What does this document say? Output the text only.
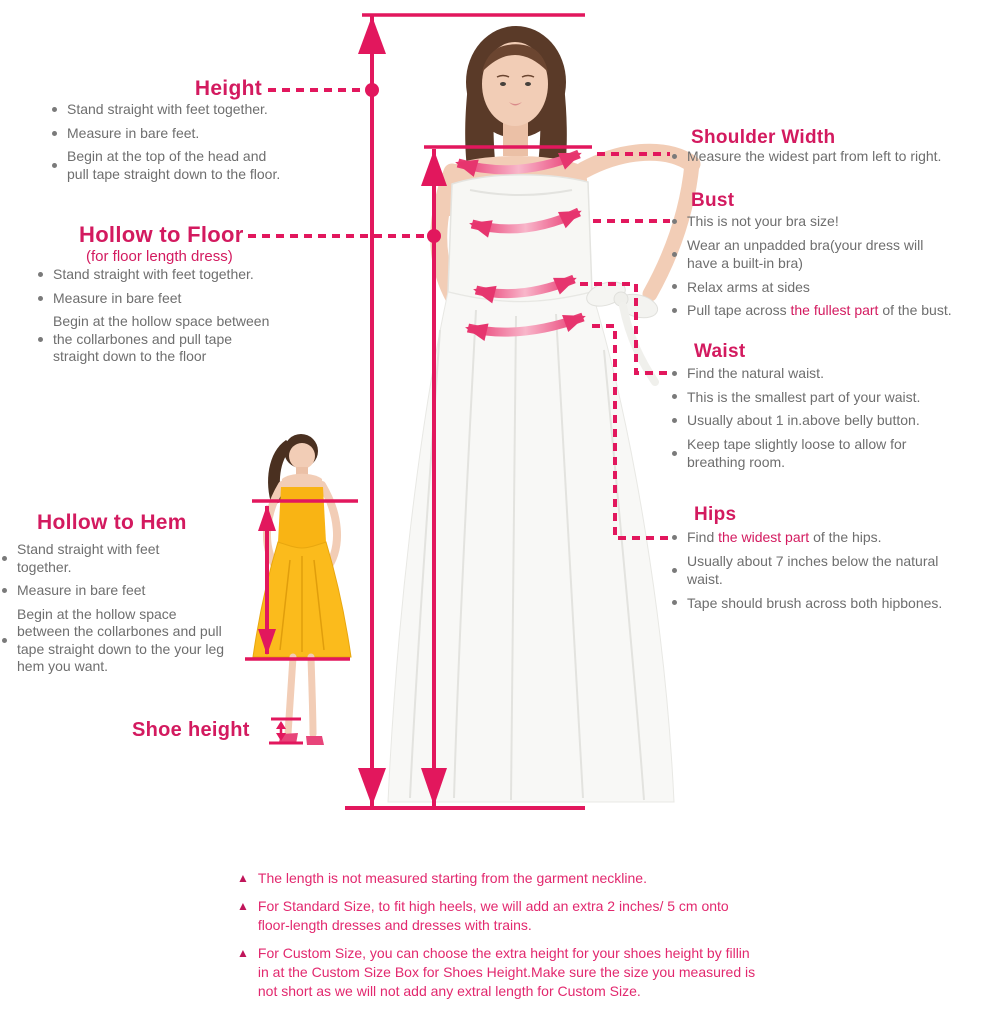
Height
Stand straight with feet together.
Measure in bare feet.
Begin at the top of the head and
pull tape straight down to the floor.
Hollow to Floor
(for floor length dress)
Stand straight with feet together.
Measure in bare feet
Begin at the hollow space between
the collarbones and pull tape
straight down to the floor
Hollow to Hem
Stand straight with feet
together.
Measure in bare feet
Begin at the hollow space
between the collarbones and pull
tape straight down to the your leg
hem you want.
Shoe height
Shoulder Width
Measure the widest part from left to right.
Bust
This is not your bra size!
Wear an unpadded bra(your dress will
have a built-in bra)
Relax arms at sides
Pull tape across the fullest part of the bust.
Waist
Find the natural waist.
This is the smallest part of your waist.
Usually about 1 in.above belly button.
Keep tape slightly loose to allow for
breathing room.
Hips
Find the widest part of the hips.
Usually about 7 inches below the natural
waist.
Tape should brush across both hipbones.
▲ The length is not measured starting from the garment neckline.
▲ For Standard Size, to fit high heels, we will add an extra 2 inches/ 5 cm onto
floor-length dresses and dresses with trains.
▲ For Custom Size, you can choose the extra height for your shoes height by fillin
in at the Custom Size Box for Shoes Height.Make sure the size you measured is
not short as we will not add any extral length for Custom Size.
